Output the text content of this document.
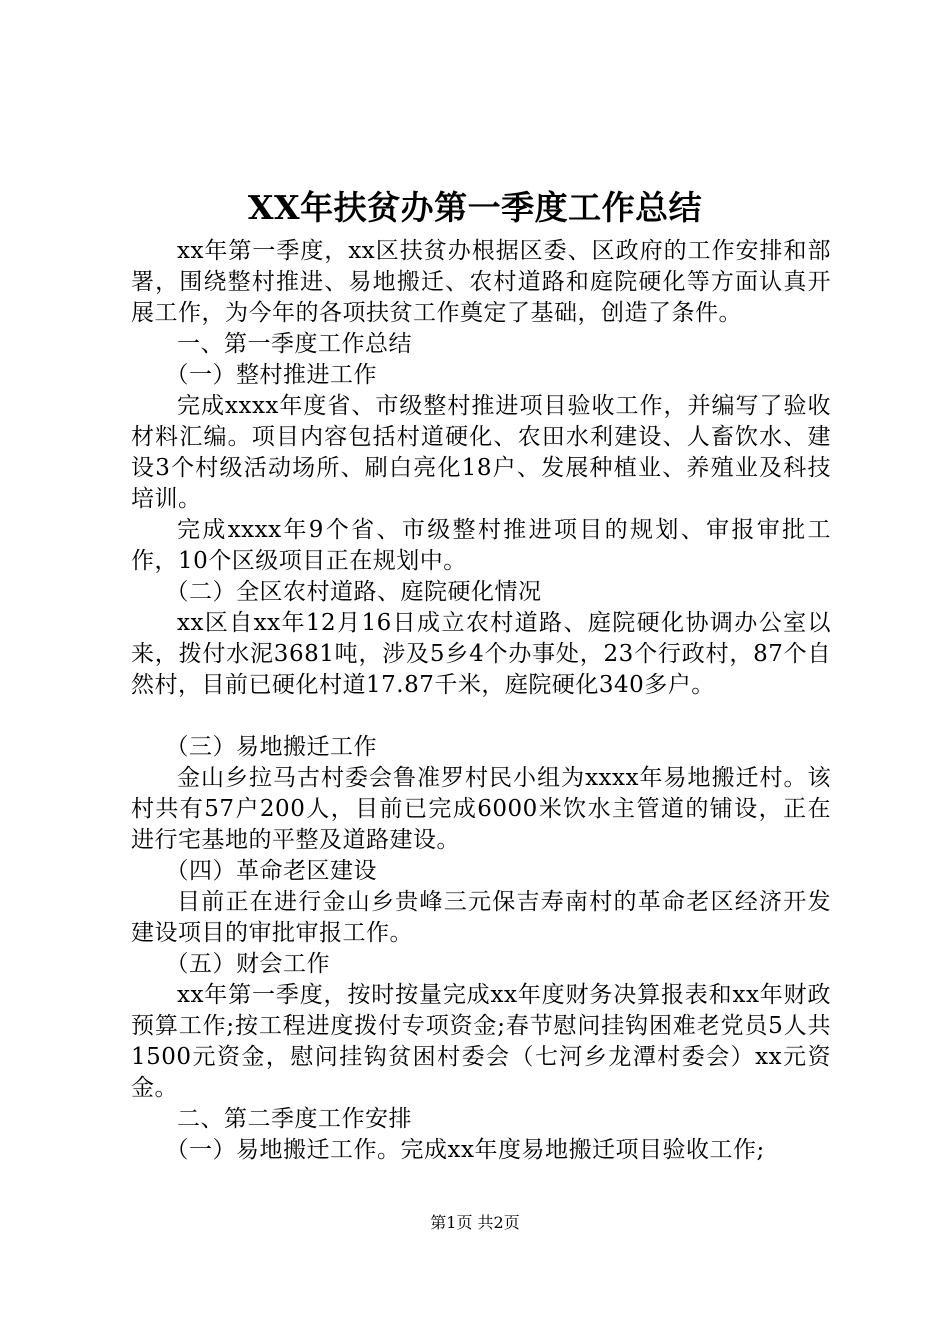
XX年扶贫办第一季度工作总结

xx年第一季度，xx区扶贫办根据区委、区政府的工作安排和部署，围绕整村推进、易地搬迁、农村道路和庭院硬化等方面认真开展工作，为今年的各项扶贫工作奠定了基础，创造了条件。

一、第一季度工作总结

（一）整村推进工作

完成xxxx年度省、市级整村推进项目验收工作，并编写了验收材料汇编。项目内容包括村道硬化、农田水利建设、人畜饮水、建设3个村级活动场所、刷白亮化18户、发展种植业、养殖业及科技培训。

完成xxxx年9个省、市级整村推进项目的规划、审报审批工作，10个区级项目正在规划中。

（二）全区农村道路、庭院硬化情况

xx区自xx年12月16日成立农村道路、庭院硬化协调办公室以来，拨付水泥3681吨，涉及5乡4个办事处，23个行政村，87个自然村，目前已硬化村道17.87千米，庭院硬化340多户。

（三）易地搬迁工作

金山乡拉马古村委会鲁准罗村民小组为xxxx年易地搬迁村。该村共有57户200人，目前已完成6000米饮水主管道的铺设，正在进行宅基地的平整及道路建设。

（四）革命老区建设

目前正在进行金山乡贵峰三元保吉寿南村的革命老区经济开发建设项目的审批审报工作。

（五）财会工作

xx年第一季度，按时按量完成xx年度财务决算报表和xx年财政预算工作;按工程进度拨付专项资金;春节慰问挂钩困难老党员5人共1500元资金，慰问挂钩贫困村委会（七河乡龙潭村委会）xx元资金。

二、第二季度工作安排

（一）易地搬迁工作。完成xx年度易地搬迁项目验收工作;

第1页 共2页
